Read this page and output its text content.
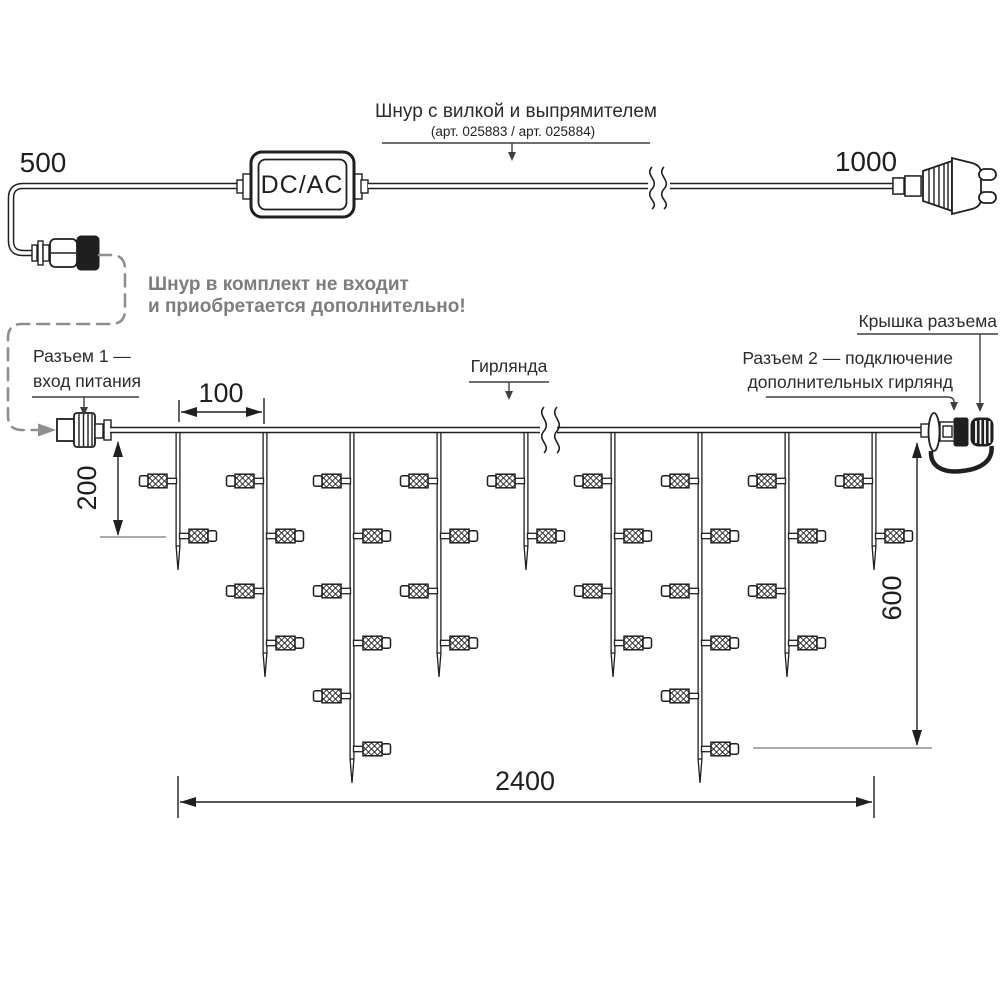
DC/AC
500	1000
Шнур с вилкой и выпрямителем
(арт. 025883 / арт. 025884)
Шнур в комплект не входит
и приобретается дополнительно!
Разъем 1 —
вход питания
Гирлянда	Разъем 2 — подключение
дополнительных гирлянд
Крышка разъема
100
200
600
2400
